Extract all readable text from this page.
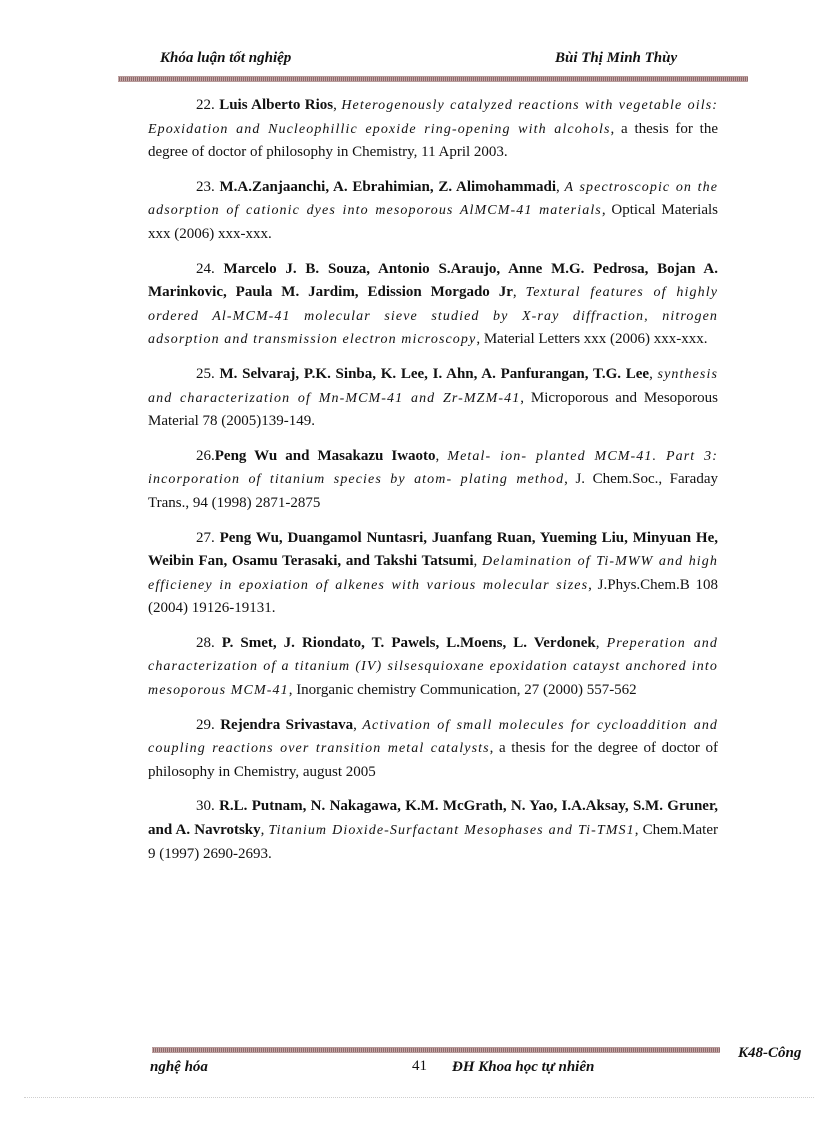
Khóa luận tốt nghiệp	Bùi Thị Minh Thùy

22. Luis Alberto Rios, Heterogenously catalyzed reactions with vegetable oils: Epoxidation and Nucleophillic epoxide ring-opening with alcohols, a thesis for the degree of doctor of philosophy in Chemistry, 11 April 2003.

23. M.A.Zanjaanchi, A. Ebrahimian, Z. Alimohammadi, A spectroscopic on the adsorption of cationic dyes into mesoporous AlMCM-41 materials, Optical Materials xxx (2006) xxx-xxx.

24. Marcelo J. B. Souza, Antonio S.Araujo, Anne M.G. Pedrosa, Bojan A. Marinkovic, Paula M. Jardim, Edission Morgado Jr, Textural features of highly ordered Al-MCM-41 molecular sieve studied by X-ray diffraction, nitrogen adsorption and transmission electron microscopy, Material Letters xxx (2006) xxx-xxx.

25. M. Selvaraj, P.K. Sinba, K. Lee, I. Ahn, A. Panfurangan, T.G. Lee, synthesis and characterization of Mn-MCM-41 and Zr-MZM-41, Microporous and Mesoporous Material 78 (2005)139-149.

26.Peng Wu and Masakazu Iwaoto, Metal- ion- planted MCM-41. Part 3: incorporation of titanium species by atom- plating method, J. Chem.Soc., Faraday Trans., 94 (1998) 2871-2875

27. Peng Wu, Duangamol Nuntasri, Juanfang Ruan, Yueming Liu, Minyuan He, Weibin Fan, Osamu Terasaki, and Takshi Tatsumi, Delamination of Ti-MWW and high efficieney in epoxiation of alkenes with various molecular sizes, J.Phys.Chem.B 108 (2004) 19126-19131.

28. P. Smet, J. Riondato, T. Pawels, L.Moens, L. Verdonek, Preperation and characterization of a titanium (IV) silsesquioxane epoxidation catayst anchored into mesoporous MCM-41, Inorganic chemistry Communication, 27 (2000) 557-562

29. Rejendra Srivastava, Activation of small molecules for cycloaddition and coupling reactions over transition metal catalysts, a thesis for the degree of doctor of philosophy in Chemistry, august 2005

30. R.L. Putnam, N. Nakagawa, K.M. McGrath, N. Yao, I.A.Aksay, S.M. Gruner, and A. Navrotsky, Titanium Dioxide-Surfactant Mesophases and Ti-TMS1, Chem.Mater 9 (1997) 2690-2693.

K48-Công
nghệ hóa	41 ĐH Khoa học tự nhiên
